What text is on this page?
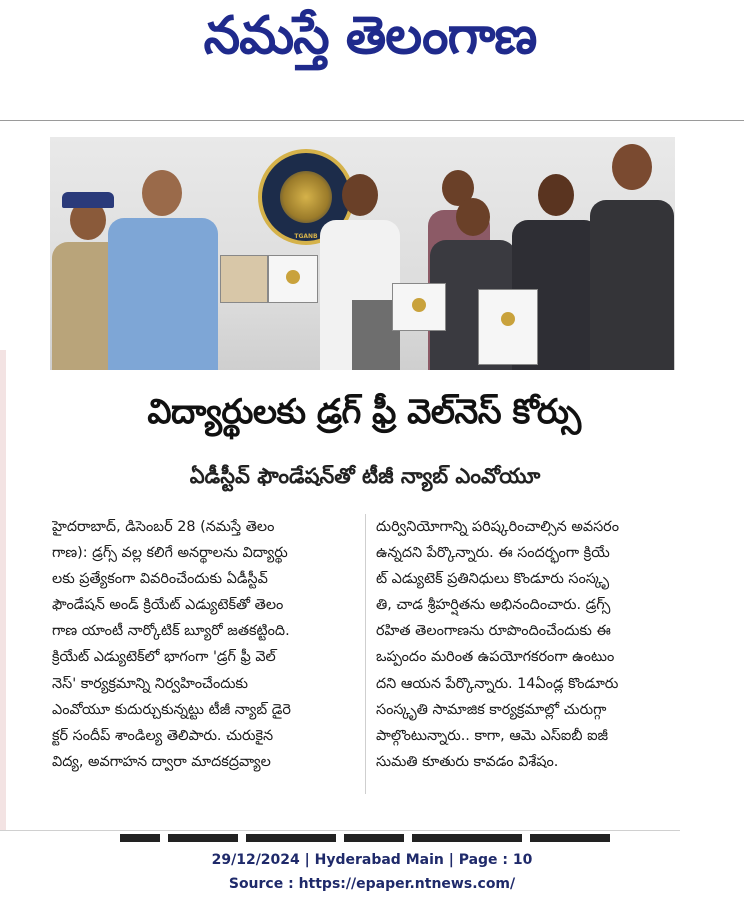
నమస్తే తెలంగాణ
TGANB
విద్యార్థులకు డ్రగ్ ఫ్రీ వెల్‌నెస్ కోర్సు
ఏడీస్టీవ్ ఫౌండేషన్‌తో టీజీ న్యాబ్ ఎంవోయూ
హైదరాబాద్, డిసెంబర్ 28 (నమస్తే తెలం
గాణ): డ్రగ్స్ వల్ల కలిగే అనర్థాలను విద్యార్థు
లకు ప్రత్యేకంగా వివరించేందుకు ఏడీస్టీవ్
ఫౌండేషన్ అండ్ క్రియేట్ ఎడ్యుటెక్‌తో తెలం
గాణ యాంటీ నార్కోటిక్ బ్యూరో జతకట్టింది.
క్రియేట్ ఎడ్యుటెక్‌లో భాగంగా 'డ్రగ్ ఫ్రీ వెల్
నెస్' కార్యక్రమాన్ని నిర్వహించేందుకు
ఎంవోయూ కుదుర్చుకున్నట్టు టీజీ న్యాబ్ డైరె
క్టర్ సందీప్ శాండిల్య తెలిపారు. చురుకైన
విద్య, అవగాహన ద్వారా మాదకద్రవ్యాల
దుర్వినియోగాన్ని పరిష్కరించాల్సిన అవసరం
ఉన్నదని పేర్కొన్నారు. ఈ సందర్భంగా క్రియే
ట్ ఎడ్యుటెక్ ప్రతినిధులు కొండూరు సంస్కృ
తి, చాడ శ్రీహర్షితను అభినందించారు. డ్రగ్స్
రహిత తెలంగాణను రూపొందించేందుకు ఈ
ఒప్పందం మరింత ఉపయోగకరంగా ఉంటుం
దని ఆయన పేర్కొన్నారు. 14ఏండ్ల కొండూరు
సంస్కృతి సామాజిక కార్యక్రమాల్లో చురుగ్గా
పాల్గొంటున్నారు.. కాగా, ఆమె ఎస్ఐబీ ఐజీ
సుమతి కూతురు కావడం విశేషం.
29/12/2024 | Hyderabad Main | Page : 10
Source : https://epaper.ntnews.com/
